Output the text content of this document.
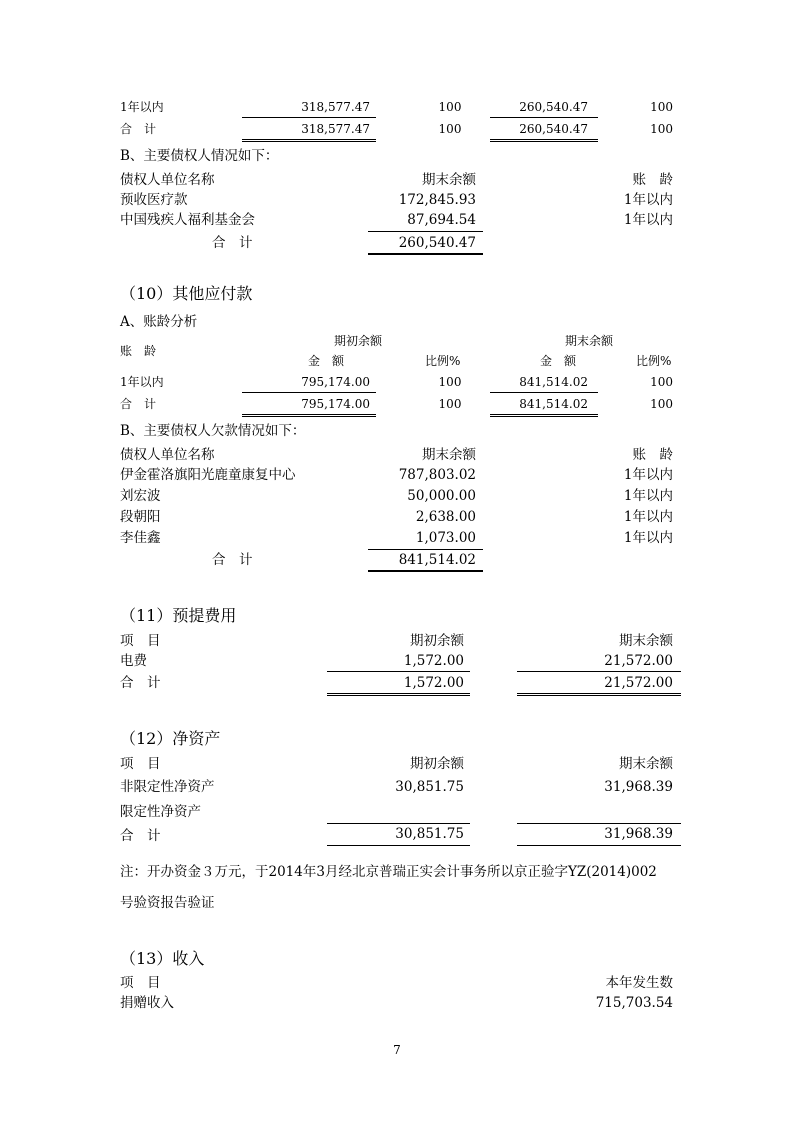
1年以内	318,577.47	100	260,540.47	100
合　计	318,577.47	100	260,540.47	100
B、主要债权人情况如下：
债权人单位名称	期末余额	账　龄
预收医疗款	172,845.93	1年以内
中国残疾人福利基金会	87,694.54	1年以内
合　计	260,540.47
（10）其他应付款
A、账龄分析
期初余额	期末余额
账　龄
金　额	比例%	金　额	比例%
1年以内	795,174.00	100	841,514.02	100
合　计	795,174.00	100	841,514.02	100
B、主要债权人欠款情况如下：
债权人单位名称	期末余额	账　龄
伊金霍洛旗阳光鹿童康复中心	787,803.02	1年以内
刘宏波	50,000.00	1年以内
段朝阳	2,638.00	1年以内
李佳鑫	1,073.00	1年以内
合　计	841,514.02
（11）预提费用
项　目	期初余额	期末余额
电费	1,572.00	21,572.00
合　计	1,572.00	21,572.00
（12）净资产
项　目	期初余额	期末余额
非限定性净资产	30,851.75	31,968.39
限定性净资产
合　计	30,851.75	31,968.39
注：开办资金３万元，于2014年3月经北京普瑞正实会计事务所以京正验字YZ(2014)002
号验资报告验证
（13）收入
项　目	本年发生数
捐赠收入	715,703.54
7
